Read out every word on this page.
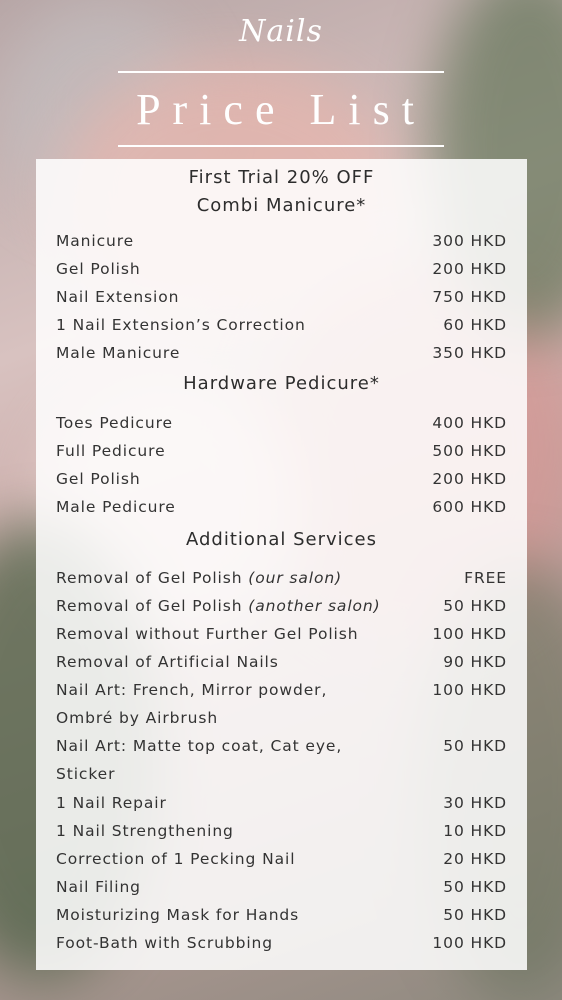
Nails
Price List
First Trial 20% OFF
Combi Manicure*
Manicure	300 HKD
Gel Polish	200 HKD
Nail Extension	750 HKD
1 Nail Extension’s Correction	60 HKD
Male Manicure	350 HKD
Hardware Pedicure*
Toes Pedicure	400 HKD
Full Pedicure	500 HKD
Gel Polish	200 HKD
Male Pedicure	600 HKD
Additional Services
Removal of Gel Polish (our salon)	FREE
Removal of Gel Polish (another salon)	50 HKD
Removal without Further Gel Polish	100 HKD
Removal of Artificial Nails	90 HKD
Nail Art: French, Mirror powder, Ombré by Airbrush
100 HKD
Nail Art: Matte top coat, Cat eye, Sticker
50 HKD
1 Nail Repair	30 HKD
1 Nail Strengthening	10 HKD
Correction of 1 Pecking Nail	20 HKD
Nail Filing	50 HKD
Moisturizing Mask for Hands	50 HKD
Foot-Bath with Scrubbing	100 HKD
